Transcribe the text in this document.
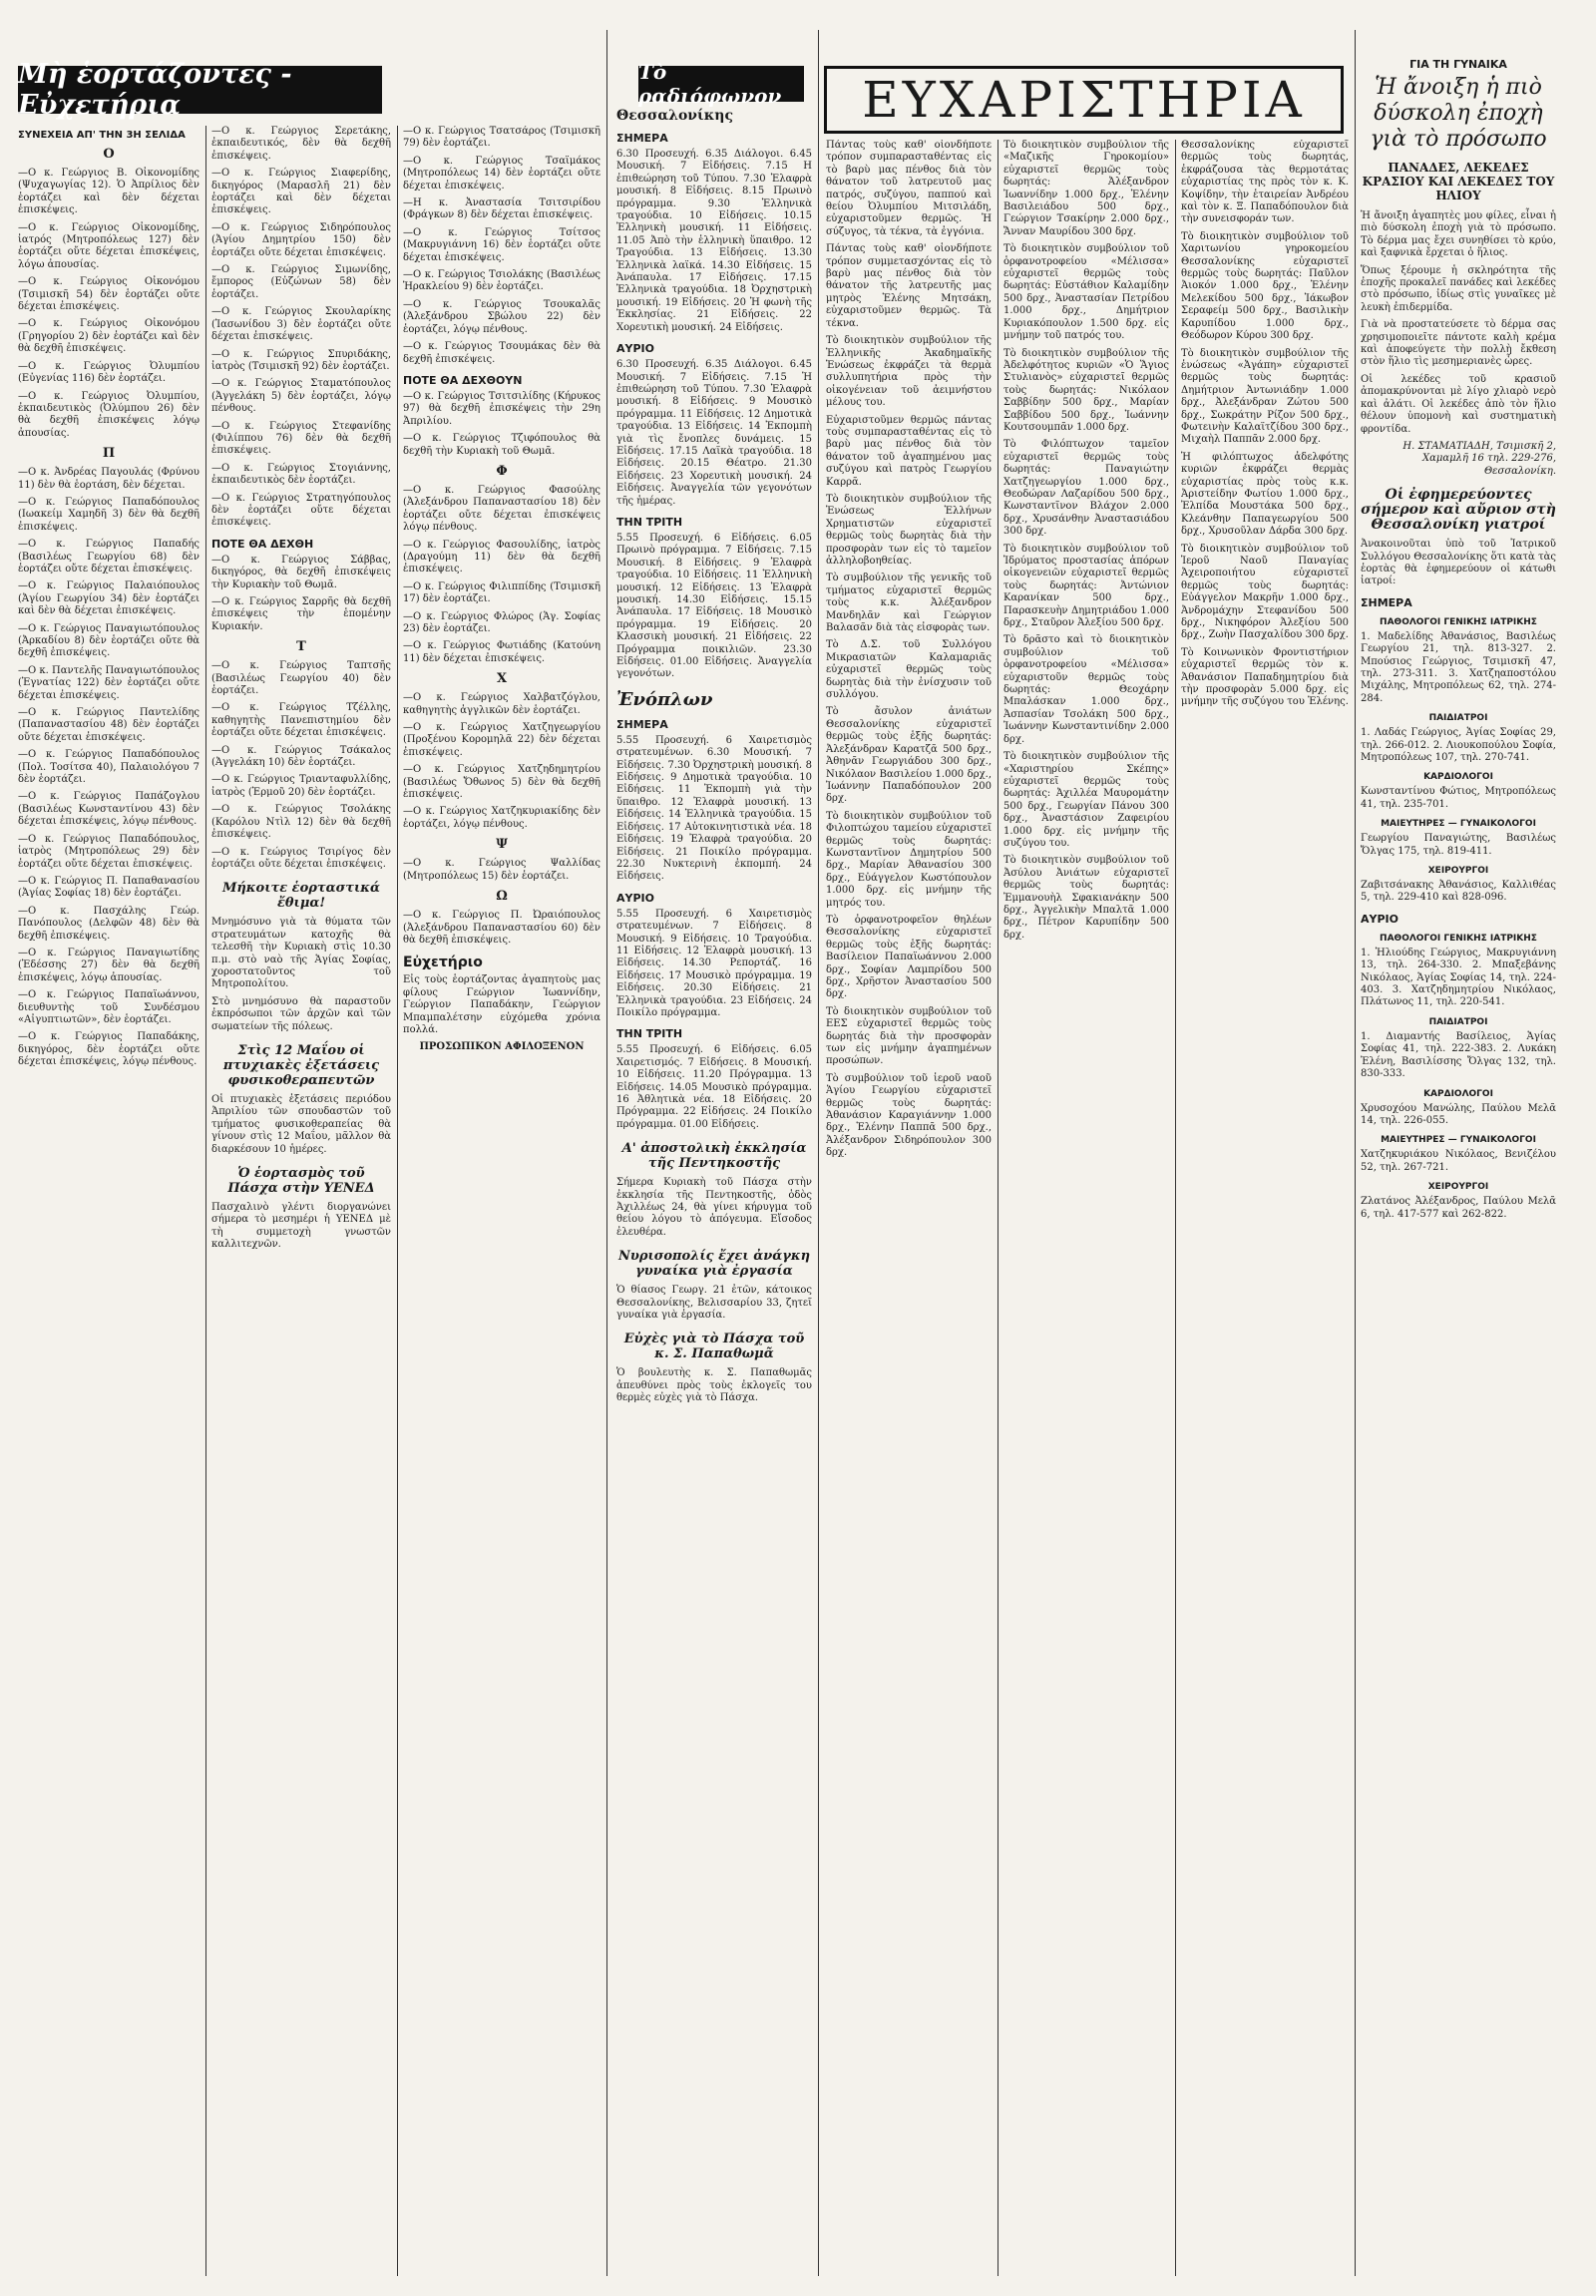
Μὴ ἑορτάζοντες - Εὐχετήρια
ΣΥΝΕΧΕΙΑ ΑΠ' ΤΗΝ 3Η ΣΕΛΙΔΑ
Ο

—Ο κ. Γεώργιος Β. Οἰκονομίδης (Ψυχαγωγίας 12). Ὁ Ἀπρίλιος δὲν ἑορτάζει καὶ δὲν δέχεται ἐπισκέψεις.

—Ο κ. Γεώργιος Οἰκονομίδης, ἰατρός (Μητροπόλεως 127) δὲν ἑορτάζει οὔτε δέχεται ἐπισκέψεις, λόγω ἀπουσίας.

—Ο κ. Γεώργιος Οἰκονόμου (Τσιμισκῆ 54) δὲν ἑορτάζει οὔτε δέχεται ἐπισκέψεις.

—Ο κ. Γεώργιος Οἰκονόμου (Γρηγορίου 2) δὲν ἑορτάζει καὶ δὲν θὰ δεχθῆ ἐπισκέψεις.

—Ο κ. Γεώργιος Ὀλυμπίου (Εὐγενίας 116) δὲν ἑορτάζει.

—Ο κ. Γεώργιος Ὀλυμπίου, ἐκπαιδευτικὸς (Ὀλύμπου 26) δὲν θὰ δεχθῆ ἐπισκέψεις λόγῳ ἀπουσίας.

Π

—Ο κ. Ἀνδρέας Παγουλάς (Φρύνου 11) δὲν θὰ ἑορτάση, δὲν δέχεται.

—Ο κ. Γεώργιος Παπαδόπουλος (Ιωακείμ Χαμηδῆ 3) δὲν θὰ δεχθῆ ἐπισκέψεις.

—Ο κ. Γεώργιος Παπαδής (Βασιλέως Γεωργίου 68) δὲν ἑορτάζει οὔτε δέχεται ἐπισκέψεις.

—Ο κ. Γεώργιος Παλαιόπουλος (Ἀγίου Γεωργίου 34) δὲν ἑορτάζει καὶ δὲν θὰ δέχεται ἐπισκέψεις.

—Ο κ. Γεώργιος Παναγιωτόπουλος (Ἀρκαδίου 8) δὲν ἑορτάζει οὔτε θὰ δεχθῆ ἐπισκέψεις.

—Ο κ. Παντελῆς Παναγιωτόπουλος (Ἐγνατίας 122) δὲν ἑορτάζει οὔτε δέχεται ἐπισκέψεις.

—Ο κ. Γεώργιος Παντελίδης (Παπαναστασίου 48) δὲν ἑορτάζει οὔτε δέχεται ἐπισκέψεις.

—Ο κ. Γεώργιος Παπαδόπουλος (Πολ. Τοσίτσα 40), Παλαιολόγου 7 δὲν ἑορτάζει.

—Ο κ. Γεώργιος Παπάζογλου (Βασιλέως Κωνσταντίνου 43) δὲν δέχεται ἐπισκέψεις, λόγῳ πένθους.

—Ο κ. Γεώργιος Παπαδόπουλος, ἰατρὸς (Μητροπόλεως 29) δὲν ἑορτάζει οὔτε δέχεται ἐπισκέψεις.

—Ο κ. Γεώργιος Π. Παπαθανασίου (Ἀγίας Σοφίας 18) δὲν ἑορτάζει.

—Ο κ. Πασχάλης Γεώρ. Πανόπουλος (Δελφῶν 48) δὲν θὰ δεχθῆ ἐπισκέψεις.

—Ο κ. Γεώργιος Παναγιωτίδης (Ἐδέσσης 27) δὲν θὰ δεχθῆ ἐπισκέψεις, λόγῳ ἀπουσίας.

—Ο κ. Γεώργιος Παπαϊωάννου, διευθυντὴς τοῦ Συνδέσμου «Αἰγυπτιωτῶν», δὲν ἑορτάζει.

—Ο κ. Γεώργιος Παπαδάκης, δικηγόρος, δὲν ἑορτάζει οὔτε δέχεται ἐπισκέψεις, λόγῳ πένθους.

—Ο κ. Γεώργιος Σερετάκης, ἐκπαιδευτικός, δὲν θὰ δεχθῆ ἐπισκέψεις.

—Ο κ. Γεώργιος Σιαφερίδης, δικηγόρος (Μαρασλῆ 21) δὲν ἑορτάζει καὶ δὲν δέχεται ἐπισκέψεις.

—Ο κ. Γεώργιος Σιδηρόπουλος (Ἀγίου Δημητρίου 150) δὲν ἑορτάζει οὔτε δέχεται ἐπισκέψεις.

—Ο κ. Γεώργιος Σιμωνίδης, ἔμπορος (Εὐζώνων 58) δὲν ἑορτάζει.

—Ο κ. Γεώργιος Σκουλαρίκης (Ἰασωνίδου 3) δὲν ἑορτάζει οὔτε δέχεται ἐπισκέψεις.

—Ο κ. Γεώργιος Σπυριδάκης, ἰατρὸς (Τσιμισκῆ 92) δὲν ἑορτάζει.

—Ο κ. Γεώργιος Σταματόπουλος (Ἀγγελάκη 5) δὲν ἑορτάζει, λόγῳ πένθους.

—Ο κ. Γεώργιος Στεφανίδης (Φιλίππου 76) δὲν θὰ δεχθῆ ἐπισκέψεις.

—Ο κ. Γεώργιος Στογιάννης, ἐκπαιδευτικὸς δὲν ἑορτάζει.

—Ο κ. Γεώργιος Στρατηγόπουλος δὲν ἑορτάζει οὔτε δέχεται ἐπισκέψεις.

ΠΟΤΕ ΘΑ ΔΕΧΘΗ

—Ο κ. Γεώργιος Σάββας, δικηγόρος, θὰ δεχθῆ ἐπισκέψεις τὴν Κυριακὴν τοῦ Θωμᾶ.

—Ο κ. Γεώργιος Σαρρῆς θὰ δεχθῆ ἐπισκέψεις τὴν ἑπομένην Κυριακήν.

Τ

—Ο κ. Γεώργιος Ταπτσῆς (Βασιλέως Γεωργίου 40) δὲν ἑορτάζει.

—Ο κ. Γεώργιος Τζέλλης, καθηγητὴς Πανεπιστημίου δὲν ἑορτάζει οὔτε δέχεται ἐπισκέψεις.

—Ο κ. Γεώργιος Τσάκαλος (Ἀγγελάκη 10) δὲν ἑορτάζει.

—Ο κ. Γεώργιος Τριανταφυλλίδης, ἰατρὸς (Ἑρμοῦ 20) δὲν ἑορτάζει.

—Ο κ. Γεώργιος Τσολάκης (Καρόλου Ντὶλ 12) δὲν θὰ δεχθῆ ἐπισκέψεις.

—Ο κ. Γεώργιος Τσιρίγος δὲν ἑορτάζει οὔτε δέχεται ἐπισκέψεις.

Μήκοιτε ἑορταστικά ἔθιμα!

Μνημόσυνο γιὰ τὰ θύματα τῶν στρατευμάτων κατοχῆς θὰ τελεσθῆ τὴν Κυριακὴ στὶς 10.30 π.μ. στὸ ναὸ τῆς Ἁγίας Σοφίας, χοροστατοῦντος τοῦ Μητροπολίτου.

Στὸ μνημόσυνο θὰ παραστοῦν ἐκπρόσωποι τῶν ἀρχῶν καὶ τῶν σωματείων τῆς πόλεως.

Στὶς 12 Μαΐου οἱ πτυχιακὲς ἐξετάσεις φυσικοθεραπευτῶν

Οἱ πτυχιακὲς ἐξετάσεις περιόδου Ἀπριλίου τῶν σπουδαστῶν τοῦ τμήματος φυσικοθεραπείας θὰ γίνουν στὶς 12 Μαΐου, μᾶλλον θὰ διαρκέσουν 10 ἡμέρες.

Ὁ ἑορτασμὸς τοῦ Πάσχα στὴν ΥΕΝΕΔ

Πασχαλινὸ γλέντι διοργανώνει σήμερα τὸ μεσημέρι ἡ ΥΕΝΕΔ μὲ τὴ συμμετοχὴ γνωστῶν καλλιτεχνῶν.

—Ο κ. Γεώργιος Τσατσάρος (Τσιμισκῆ 79) δὲν ἑορτάζει.

—Ο κ. Γεώργιος Τσαϊμάκος (Μητροπόλεως 14) δὲν ἑορτάζει οὔτε δέχεται ἐπισκέψεις.

—Η κ. Ἀναστασία Τσιτσιρίδου (Φράγκων 8) δὲν δέχεται ἐπισκέψεις.

—Ο κ. Γεώργιος Τσίτσος (Μακρυγιάννη 16) δὲν ἑορτάζει οὔτε δέχεται ἐπισκέψεις.

—Ο κ. Γεώργιος Τσιολάκης (Βασιλέως Ἡρακλείου 9) δὲν ἑορτάζει.

—Ο κ. Γεώργιος Τσουκαλᾶς (Ἀλεξάνδρου Σβώλου 22) δὲν ἑορτάζει, λόγῳ πένθους.

—Ο κ. Γεώργιος Τσουμάκας δὲν θὰ δεχθῆ ἐπισκέψεις.

ΠΟΤΕ ΘΑ ΔΕΧΘΟΥΝ

—Ο κ. Γεώργιος Τσιτσιλίδης (Κήρυκος 97) θὰ δεχθῆ ἐπισκέψεις τὴν 29η Ἀπριλίου.

—Ο κ. Γεώργιος Τζιφόπουλος θὰ δεχθῆ τὴν Κυριακὴ τοῦ Θωμᾶ.

Φ

—Ο κ. Γεώργιος Φασούλης (Ἀλεξάνδρου Παπαναστασίου 18) δὲν ἑορτάζει οὔτε δέχεται ἐπισκέψεις λόγῳ πένθους.

—Ο κ. Γεώργιος Φασουλίδης, ἰατρὸς (Δραγούμη 11) δὲν θὰ δεχθῆ ἐπισκέψεις.

—Ο κ. Γεώργιος Φιλιππίδης (Τσιμισκῆ 17) δὲν ἑορτάζει.

—Ο κ. Γεώργιος Φλώρος (Ἁγ. Σοφίας 23) δὲν ἑορτάζει.

—Ο κ. Γεώργιος Φωτιάδης (Κατούνη 11) δὲν δέχεται ἐπισκέψεις.

Χ

—Ο κ. Γεώργιος Χαλβατζόγλου, καθηγητὴς ἀγγλικῶν δὲν ἑορτάζει.

—Ο κ. Γεώργιος Χατζηγεωργίου (Προξένου Κορομηλᾶ 22) δὲν δέχεται ἐπισκέψεις.

—Ο κ. Γεώργιος Χατζηδημητρίου (Βασιλέως Ὄθωνος 5) δὲν θὰ δεχθῆ ἐπισκέψεις.

—Ο κ. Γεώργιος Χατζηκυριακίδης δὲν ἑορτάζει, λόγῳ πένθους.

Ψ

—Ο κ. Γεώργιος Ψαλλίδας (Μητροπόλεως 15) δὲν ἑορτάζει.

Ω

—Ο κ. Γεώργιος Π. Ὠραιόπουλος (Ἀλεξάνδρου Παπαναστασίου 60) δὲν θὰ δεχθῆ ἐπισκέψεις.

Εὐχετήριο

Εἰς τοὺς ἑορτάζοντας ἀγαπητοὺς μας φίλους Γεώργιον Ἰωαννίδην, Γεώργιον Παπαδάκην, Γεώργιον Μπαμπαλέτσην εὐχόμεθα χρόνια πολλά.

ΠΡΟΣΩΠΙΚΟΝ ΑΦΙΛΟΞΕΝΟΝ

Τὸ ραδιόφωνον
Θεσσαλονίκης
ΣΗΜΕΡΑ

6.30 Προσευχή. 6.35 Διάλογοι. 6.45 Μουσική. 7 Εἰδήσεις. 7.15 Η ἐπιθεώρηση τοῦ Τύπου. 7.30 Ἐλαφρὰ μουσική. 8 Εἰδήσεις. 8.15 Πρωινὸ πρόγραμμα. 9.30 Ἐλληνικὰ τραγούδια. 10 Εἰδήσεις. 10.15 Ἐλληνικὴ μουσική. 11 Εἰδήσεις. 11.05 Ἀπὸ τὴν ἑλληνικὴ ὕπαιθρο. 12 Τραγούδια. 13 Εἰδήσεις. 13.30 Ἑλληνικὰ λαϊκά. 14.30 Εἰδήσεις. 15 Ἀνάπαυλα. 17 Εἰδήσεις. 17.15 Ἑλληνικὰ τραγούδια. 18 Ὀρχηστρικὴ μουσική. 19 Εἰδήσεις. 20 Ἡ φωνὴ τῆς Ἐκκλησίας. 21 Εἰδήσεις. 22 Χορευτικὴ μουσική. 24 Εἰδήσεις.

ΑΥΡΙΟ

6.30 Προσευχή. 6.35 Διάλογοι. 6.45 Μουσική. 7 Εἰδήσεις. 7.15 Ἡ ἐπιθεώρηση τοῦ Τύπου. 7.30 Ἐλαφρὰ μουσική. 8 Εἰδήσεις. 9 Μουσικὸ πρόγραμμα. 11 Εἰδήσεις. 12 Δημοτικὰ τραγούδια. 13 Εἰδήσεις. 14 Ἐκπομπὴ γιὰ τὶς ἔνοπλες δυνάμεις. 15 Εἰδήσεις. 17.15 Λαϊκὰ τραγούδια. 18 Εἰδήσεις. 20.15 Θέατρο. 21.30 Εἰδήσεις. 23 Χορευτικὴ μουσική. 24 Εἰδήσεις. Ἀναγγελία τῶν γεγονότων τῆς ἡμέρας.

ΤΗΝ ΤΡΙΤΗ

5.55 Προσευχή. 6 Εἰδήσεις. 6.05 Πρωινὸ πρόγραμμα. 7 Εἰδήσεις. 7.15 Μουσική. 8 Εἰδήσεις. 9 Ἐλαφρὰ τραγούδια. 10 Εἰδήσεις. 11 Ἑλληνικὴ μουσική. 12 Εἰδήσεις. 13 Ἐλαφρὰ μουσική. 14.30 Εἰδήσεις. 15.15 Ἀνάπαυλα. 17 Εἰδήσεις. 18 Μουσικὸ πρόγραμμα. 19 Εἰδήσεις. 20 Κλασσικὴ μουσική. 21 Εἰδήσεις. 22 Πρόγραμμα ποικιλιῶν. 23.30 Εἰδήσεις. 01.00 Εἰδήσεις. Ἀναγγελία γεγονότων.

Ἐνόπλων
ΣΗΜΕΡΑ

5.55 Προσευχή. 6 Χαιρετισμὸς στρατευμένων. 6.30 Μουσική. 7 Εἰδήσεις. 7.30 Ὀρχηστρικὴ μουσική. 8 Εἰδήσεις. 9 Δημοτικὰ τραγούδια. 10 Εἰδήσεις. 11 Ἐκπομπὴ γιὰ τὴν ὕπαιθρο. 12 Ἐλαφρὰ μουσική. 13 Εἰδήσεις. 14 Ἑλληνικὰ τραγούδια. 15 Εἰδήσεις. 17 Αὐτοκινητιστικὰ νέα. 18 Εἰδήσεις. 19 Ἐλαφρὰ τραγούδια. 20 Εἰδήσεις. 21 Ποικίλο πρόγραμμα. 22.30 Νυκτερινὴ ἐκπομπή. 24 Εἰδήσεις.

ΑΥΡΙΟ

5.55 Προσευχή. 6 Χαιρετισμὸς στρατευμένων. 7 Εἰδήσεις. 8 Μουσική. 9 Εἰδήσεις. 10 Τραγούδια. 11 Εἰδήσεις. 12 Ἐλαφρὰ μουσική. 13 Εἰδήσεις. 14.30 Ρεπορτάζ. 16 Εἰδήσεις. 17 Μουσικὸ πρόγραμμα. 19 Εἰδήσεις. 20.30 Εἰδήσεις. 21 Ἑλληνικὰ τραγούδια. 23 Εἰδήσεις. 24 Ποικίλο πρόγραμμα.

ΤΗΝ ΤΡΙΤΗ

5.55 Προσευχή. 6 Εἰδήσεις. 6.05 Χαιρετισμός. 7 Εἰδήσεις. 8 Μουσική. 10 Εἰδήσεις. 11.20 Πρόγραμμα. 13 Εἰδήσεις. 14.05 Μουσικὸ πρόγραμμα. 16 Ἀθλητικὰ νέα. 18 Εἰδήσεις. 20 Πρόγραμμα. 22 Εἰδήσεις. 24 Ποικίλο πρόγραμμα. 01.00 Εἰδήσεις.

Α' ἀποστολικὴ ἐκκλησία τῆς Πεντηκοστῆς

Σήμερα Κυριακὴ τοῦ Πάσχα στὴν ἐκκλησία τῆς Πεντηκοστῆς, ὁδὸς Ἀχιλλέως 24, θὰ γίνει κήρυγμα τοῦ θείου λόγου τὸ ἀπόγευμα. Εἴσοδος ἐλευθέρα.

Νυρισοπολίς ἔχει ἀνάγκη γυναίκα γιὰ ἐργασία

Ὁ θίασος Γεωργ. 21 ἐτῶν, κάτοικος Θεσσαλονίκης, Βελισσαρίου 33, ζητεῖ γυναίκα γιὰ ἐργασία.

Εὐχὲς γιὰ τὸ Πάσχα τοῦ κ. Σ. Παπαθωμᾶ

Ὁ βουλευτὴς κ. Σ. Παπαθωμᾶς ἀπευθύνει πρὸς τοὺς ἐκλογεῖς του θερμὲς εὐχὲς γιὰ τὸ Πάσχα.

ΕΥΧΑΡΙΣΤΗΡΙΑ

Πάντας τοὺς καθ' οἱονδήποτε τρόπον συμπαρασταθέντας εἰς τὸ βαρὺ μας πένθος διὰ τὸν θάνατον τοῦ λατρευτοῦ μας πατρός, συζύγου, παππού καὶ θείου Ὀλυμπίου Μιτσιλάδη, εὐχαριστοῦμεν θερμῶς. Ἡ σύζυγος, τὰ τέκνα, τὰ ἐγγόνια.

Πάντας τοὺς καθ' οἱονδήποτε τρόπον συμμετασχόντας εἰς τὸ βαρὺ μας πένθος διὰ τὸν θάνατον τῆς λατρευτῆς μας μητρὸς Ἑλένης Μητσάκη, εὐχαριστοῦμεν θερμῶς. Τὰ τέκνα.

Τὸ διοικητικὸν συμβούλιον τῆς Ἑλληνικῆς Ἀκαδημαϊκῆς Ἑνώσεως ἐκφράζει τὰ θερμὰ συλλυπητήρια πρὸς τὴν οἰκογένειαν τοῦ ἀειμνήστου μέλους του.

Εὐχαριστοῦμεν θερμῶς πάντας τοὺς συμπαρασταθέντας εἰς τὸ βαρὺ μας πένθος διὰ τὸν θάνατον τοῦ ἀγαπημένου μας συζύγου καὶ πατρὸς Γεωργίου Καρρᾶ.

Τὸ διοικητικὸν συμβούλιον τῆς Ἑνώσεως Ἑλλήνων Χρηματιστῶν εὐχαριστεῖ θερμῶς τοὺς δωρητὰς διὰ τὴν προσφορὰν των εἰς τὸ ταμεῖον ἀλληλοβοηθείας.

Τὸ συμβούλιον τῆς γενικῆς τοῦ τμήματος εὐχαριστεῖ θερμῶς τοὺς κ.κ. Ἀλέξανδρον Μανδηλᾶν καὶ Γεώργιον Βαλασᾶν διὰ τὰς εἰσφορὰς των.

Τὸ Δ.Σ. τοῦ Συλλόγου Μικρασιατῶν Καλαμαριᾶς εὐχαριστεῖ θερμῶς τοὺς δωρητὰς διὰ τὴν ἐνίσχυσιν τοῦ συλλόγου.

Τὸ ἄσυλον ἀνιάτων Θεσσαλονίκης εὐχαριστεῖ θερμῶς τοὺς ἑξῆς δωρητάς: Ἀλεξάνδραν Καρατζᾶ 500 δρχ., Ἀθηνᾶν Γεωργιάδου 300 δρχ., Νικόλαον Βασιλείου 1.000 δρχ., Ἰωάννην Παπαδόπουλον 200 δρχ.

Τὸ διοικητικὸν συμβούλιον τοῦ Φιλοπτώχου ταμείου εὐχαριστεῖ θερμῶς τοὺς δωρητάς: Κωνσταντῖνον Δημητρίου 500 δρχ., Μαρίαν Ἀθανασίου 300 δρχ., Εὐάγγελον Κωστόπουλον 1.000 δρχ. εἰς μνήμην τῆς μητρός του.

Τὸ ὀρφανοτροφεῖον θηλέων Θεσσαλονίκης εὐχαριστεῖ θερμῶς τοὺς ἑξῆς δωρητάς: Βασίλειον Παπαϊωάννου 2.000 δρχ., Σοφίαν Λαμπρίδου 500 δρχ., Χρῆστον Ἀναστασίου 500 δρχ.

Τὸ διοικητικὸν συμβούλιον τοῦ ΕΕΣ εὐχαριστεῖ θερμῶς τοὺς δωρητάς διὰ τὴν προσφορὰν των εἰς μνήμην ἀγαπημένων προσώπων.

Τὸ συμβούλιον τοῦ ἱεροῦ ναοῦ Ἁγίου Γεωργίου εὐχαριστεῖ θερμῶς τοὺς δωρητάς: Ἀθανάσιον Καραγιάννην 1.000 δρχ., Ἑλένην Παππᾶ 500 δρχ., Ἀλέξανδρον Σιδηρόπουλον 300 δρχ.

Τὸ διοικητικὸν συμβούλιον τῆς «Μαζικῆς Γηροκομίου» εὐχαριστεῖ θερμῶς τοὺς δωρητάς: Ἀλέξανδρον Ἰωαννίδην 1.000 δρχ., Ἐλένην Βασιλειάδου 500 δρχ., Γεώργιον Τσακίρην 2.000 δρχ., Ἄνναν Μαυρίδου 300 δρχ.

Τὸ διοικητικὸν συμβούλιον τοῦ ὁρφανοτροφείου «Μέλισσα» εὐχαριστεῖ θερμῶς τοὺς δωρητάς: Εὐστάθιον Καλαμίδην 500 δρχ., Ἀναστασίαν Πετρίδου 1.000 δρχ., Δημήτριον Κυριακόπουλον 1.500 δρχ. εἰς μνήμην τοῦ πατρός του.

Τὸ διοικητικὸν συμβούλιον τῆς Ἀδελφότητος κυριῶν «Ὁ Ἅγιος Στυλιανὸς» εὐχαριστεῖ θερμῶς τοὺς δωρητάς: Νικόλαον Σαββίδην 500 δρχ., Μαρίαν Σαββίδου 500 δρχ., Ἰωάννην Κουτσουμπᾶν 1.000 δρχ.

Τὸ Φιλόπτωχον ταμεῖον εὐχαριστεῖ θερμῶς τοὺς δωρητάς: Παναγιώτην Χατζηγεωργίου 1.000 δρχ., Θεοδώραν Λαζαρίδου 500 δρχ., Κωνσταντῖνον Βλάχον 2.000 δρχ., Χρυσάνθην Ἀναστασιάδου 300 δρχ.

Τὸ διοικητικὸν συμβούλιον τοῦ Ἱδρύματος προστασίας ἀπόρων οἰκογενειῶν εὐχαριστεῖ θερμῶς τοὺς δωρητάς: Ἀντώνιον Καρανίκαν 500 δρχ., Παρασκευὴν Δημητριάδου 1.000 δρχ., Σταῦρον Ἀλεξίου 500 δρχ.

Τὸ δρᾶστο καὶ τὸ διοικητικὸν συμβούλιον τοῦ ὁρφανοτροφείου «Μέλισσα» εὐχαριστοῦν θερμῶς τοὺς δωρητάς: Θεοχάρην Μπαλάσκαν 1.000 δρχ., Ἀσπασίαν Τσολάκη 500 δρχ., Ἰωάννην Κωνσταντινίδην 2.000 δρχ.

Τὸ διοικητικὸν συμβούλιον τῆς «Χαριστηρίου Σκέπης» εὐχαριστεῖ θερμῶς τοὺς δωρητάς: Ἀχιλλέα Μαυρομάτην 500 δρχ., Γεωργίαν Πάνου 300 δρχ., Ἀναστάσιον Ζαφειρίου 1.000 δρχ. εἰς μνήμην τῆς συζύγου του.

Τὸ διοικητικὸν συμβούλιον τοῦ Ἀσύλου Ἀνιάτων εὐχαριστεῖ θερμῶς τοὺς δωρητάς: Ἐμμανουὴλ Σφακιανάκην 500 δρχ., Ἀγγελικὴν Μπαλτᾶ 1.000 δρχ., Πέτρον Καρυπίδην 500 δρχ.

Θεσσαλονίκης εὐχαριστεῖ θερμῶς τοὺς δωρητάς, ἐκφράζουσα τὰς θερμοτάτας εὐχαριστίας της πρὸς τὸν κ. Κ. Κοψίδην, τὴν ἑταιρείαν Ἀνδρέου καὶ τὸν κ. Ξ. Παπαδόπουλον διὰ τὴν συνεισφοράν των.

Τὸ διοικητικὸν συμβούλιον τοῦ Χαριτωνίου γηροκομείου Θεσσαλονίκης εὐχαριστεῖ θερμῶς τοὺς δωρητάς: Παῦλον Ἀιοκόν 1.000 δρχ., Ἑλένην Μελεκίδου 500 δρχ., Ἰάκωβον Σεραφείμ 500 δρχ., Βασιλικὴν Καρυπίδου 1.000 δρχ., Θεόδωρον Κύρου 300 δρχ.

Τὸ διοικητικὸν συμβούλιον τῆς ἑνώσεως «Ἀγάπη» εὐχαριστεῖ θερμῶς τοὺς δωρητάς: Δημήτριον Ἀντωνιάδην 1.000 δρχ., Ἀλεξάνδραν Ζώτου 500 δρχ., Σωκράτην Ρίζον 500 δρχ., Φωτεινὴν Καλαϊτζίδου 300 δρχ., Μιχαὴλ Παππᾶν 2.000 δρχ.

Ἡ φιλόπτωχος ἀδελφότης κυριῶν ἐκφράζει θερμὰς εὐχαριστίας πρὸς τοὺς κ.κ. Ἀριστείδην Φωτίου 1.000 δρχ., Ἐλπίδα Μουστάκα 500 δρχ., Κλεάνθην Παπαγεωργίου 500 δρχ., Χρυσοῦλαν Δάρδα 300 δρχ.

Τὸ διοικητικὸν συμβούλιον τοῦ Ἱεροῦ Ναοῦ Παναγίας Ἀχειροποιήτου εὐχαριστεῖ θερμῶς τοὺς δωρητάς: Εὐάγγελον Μακρῆν 1.000 δρχ., Ἀνδρομάχην Στεφανίδου 500 δρχ., Νικηφόρον Ἀλεξίου 500 δρχ., Ζωὴν Πασχαλίδου 300 δρχ.

Τὸ Κοινωνικὸν Φροντιστήριον εὐχαριστεῖ θερμῶς τὸν κ. Ἀθανάσιον Παπαδημητρίου διὰ τὴν προσφορὰν 5.000 δρχ. εἰς μνήμην τῆς συζύγου του Ἑλένης.

ΓΙΑ ΤΗ ΓΥΝΑΙΚΑ
Ἡ ἄνοιξη ἡ πιὸ δύσκολη ἐποχὴ γιὰ τὸ πρόσωπο
ΠΑΝΑΔΕΣ, ΛΕΚΕΔΕΣ ΚΡΑΣΙΟΥ ΚΑΙ ΛΕΚΕΔΕΣ ΤΟΥ ΗΛΙΟΥ

Ἡ ἄνοιξη ἀγαπητὲς μου φίλες, εἶναι ἡ πιὸ δύσκολη ἐποχὴ γιὰ τὸ πρόσωπο. Τὸ δέρμα μας ἔχει συνηθίσει τὸ κρύο, καὶ ξαφνικὰ ἔρχεται ὁ ἥλιος.

Ὅπως ξέρουμε ἡ σκληρότητα τῆς ἐποχῆς προκαλεῖ πανάδες καὶ λεκέδες στὸ πρόσωπο, ἰδίως στὶς γυναῖκες μὲ λευκὴ ἐπιδερμίδα.

Γιὰ νὰ προστατεύσετε τὸ δέρμα σας χρησιμοποιεῖτε πάντοτε καλὴ κρέμα καὶ ἀποφεύγετε τὴν πολλὴ ἔκθεση στὸν ἥλιο τὶς μεσημεριανὲς ὧρες.

Οἱ λεκέδες τοῦ κρασιοῦ ἀπομακρύνονται μὲ λίγο χλιαρὸ νερὸ καὶ ἀλάτι. Οἱ λεκέδες ἀπὸ τὸν ἥλιο θέλουν ὑπομονὴ καὶ συστηματικὴ φροντίδα.

Η. ΣΤΑΜΑΤΙΑΔΗ, Τσιμισκῆ 2, Χαμαμλῆ 16 τηλ. 229-276, Θεσσαλονίκη.

Οἱ ἐφημερεύοντες σήμερον καὶ αὔριον στὴ Θεσσαλονίκη γιατροί

Ἀνακοινοῦται ὑπὸ τοῦ Ἰατρικοῦ Συλλόγου Θεσσαλονίκης ὅτι κατὰ τὰς ἑορτὰς θὰ ἐφημερεύουν οἱ κάτωθι ἰατροί:

ΣΗΜΕΡΑ
ΠΑΘΟΛΟΓΟΙ ΓΕΝΙΚΗΣ ΙΑΤΡΙΚΗΣ

1. Μαδελίδης Ἀθανάσιος, Βασιλέως Γεωργίου 21, τηλ. 813-327. 2. Μπούσιος Γεώργιος, Τσιμισκῆ 47, τηλ. 273-311. 3. Χατζηαποστόλου Μιχάλης, Μητροπόλεως 62, τηλ. 274-284.

ΠΑΙΔΙΑΤΡΟΙ

1. Λαδάς Γεώργιος, Ἁγίας Σοφίας 29, τηλ. 266-012. 2. Λιουκοπούλου Σοφία, Μητροπόλεως 107, τηλ. 270-741.

ΚΑΡΔΙΟΛΟΓΟΙ

Κωνσταντίνου Φώτιος, Μητροπόλεως 41, τηλ. 235-701.

ΜΑΙΕΥΤΗΡΕΣ — ΓΥΝΑΙΚΟΛΟΓΟΙ

Γεωργίου Παναγιώτης, Βασιλέως Ὄλγας 175, τηλ. 819-411.

ΧΕΙΡΟΥΡΓΟΙ

Ζαβιτσάνακης Ἀθανάσιος, Καλλιθέας 5, τηλ. 229-410 καὶ 828-096.

ΑΥΡΙΟ
ΠΑΘΟΛΟΓΟΙ ΓΕΝΙΚΗΣ ΙΑΤΡΙΚΗΣ

1. Ἠλιούδης Γεώργιος, Μακρυγιάννη 13, τηλ. 264-330. 2. Μπαξεβάνης Νικόλαος, Ἁγίας Σοφίας 14, τηλ. 224-403. 3. Χατζηδημητρίου Νικόλαος, Πλάτωνος 11, τηλ. 220-541.

ΠΑΙΔΙΑΤΡΟΙ

1. Διαμαντής Βασίλειος, Ἁγίας Σοφίας 41, τηλ. 222-383. 2. Λυκάκη Ἐλένη, Βασιλίσσης Ὄλγας 132, τηλ. 830-333.

ΚΑΡΔΙΟΛΟΓΟΙ

Χρυσοχόου Μανώλης, Παύλου Μελᾶ 14, τηλ. 226-055.

ΜΑΙΕΥΤΗΡΕΣ — ΓΥΝΑΙΚΟΛΟΓΟΙ

Χατζηκυριάκου Νικόλαος, Βενιζέλου 52, τηλ. 267-721.

ΧΕΙΡΟΥΡΓΟΙ

Ζλατάνος Ἀλέξανδρος, Παύλου Μελᾶ 6, τηλ. 417-577 καὶ 262-822.
